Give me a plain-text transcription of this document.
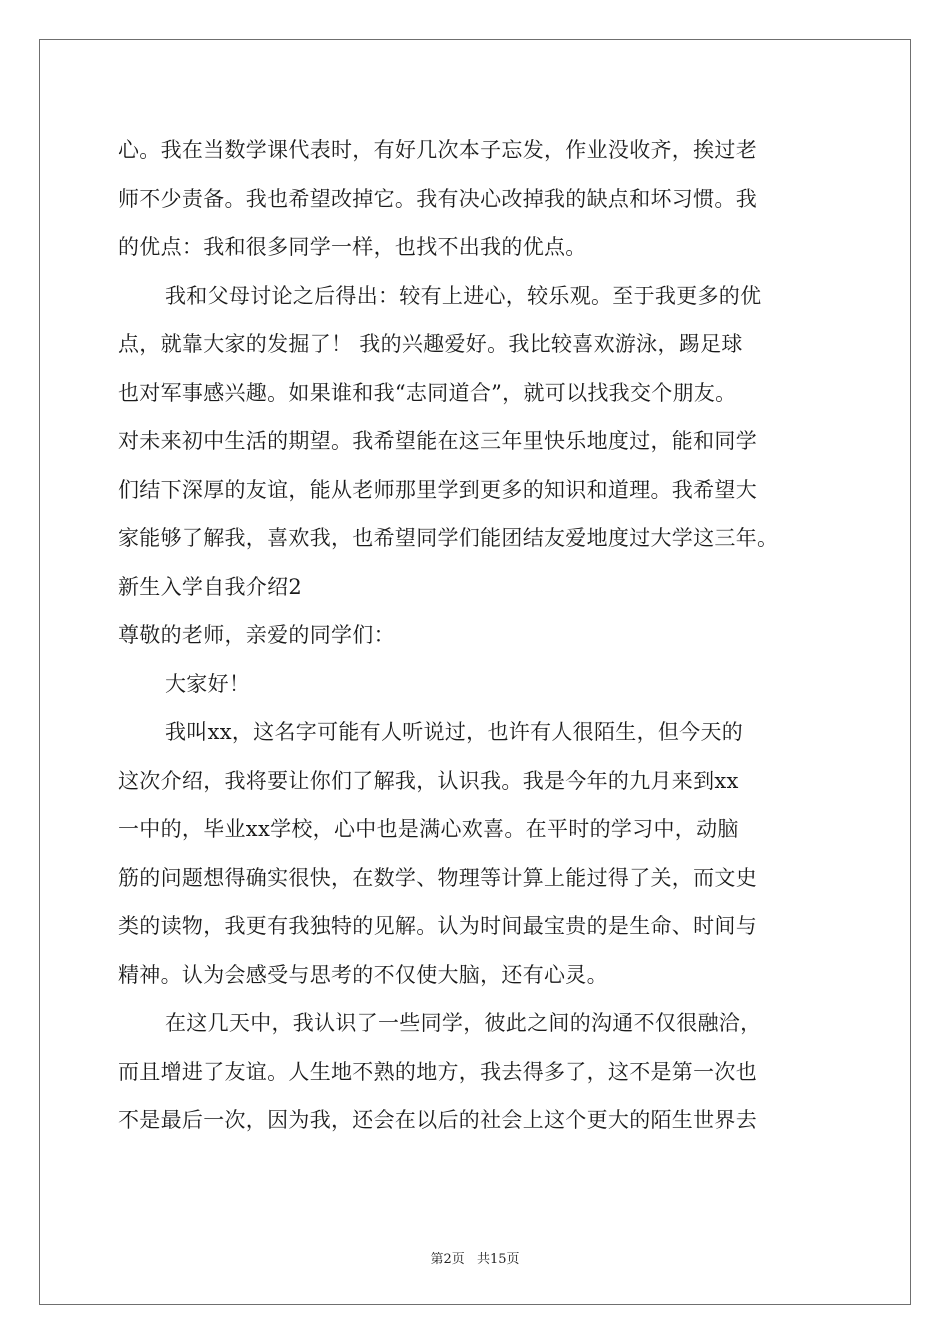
心。我在当数学课代表时，有好几次本子忘发，作业没收齐，挨过老
师不少责备。我也希望改掉它。我有决心改掉我的缺点和坏习惯。我
的优点：我和很多同学一样，也找不出我的优点。
我和父母讨论之后得出：较有上进心，较乐观。至于我更多的优
点，就靠大家的发掘了！ 我的兴趣爱好。我比较喜欢游泳，踢足球
也对军事感兴趣。如果谁和我“志同道合”，就可以找我交个朋友。
对未来初中生活的期望。我希望能在这三年里快乐地度过，能和同学
们结下深厚的友谊，能从老师那里学到更多的知识和道理。我希望大
家能够了解我，喜欢我，也希望同学们能团结友爱地度过大学这三年。
新生入学自我介绍2
尊敬的老师，亲爱的同学们：
大家好！
我叫xx，这名字可能有人听说过，也许有人很陌生，但今天的
这次介绍，我将要让你们了解我，认识我。我是今年的九月来到xx
一中的，毕业xx学校，心中也是满心欢喜。在平时的学习中，动脑
筋的问题想得确实很快，在数学、物理等计算上能过得了关，而文史
类的读物，我更有我独特的见解。认为时间最宝贵的是生命、时间与
精神。认为会感受与思考的不仅使大脑，还有心灵。
在这几天中，我认识了一些同学，彼此之间的沟通不仅很融洽，
而且增进了友谊。人生地不熟的地方，我去得多了，这不是第一次也
不是最后一次，因为我，还会在以后的社会上这个更大的陌生世界去
第2页 共15页
